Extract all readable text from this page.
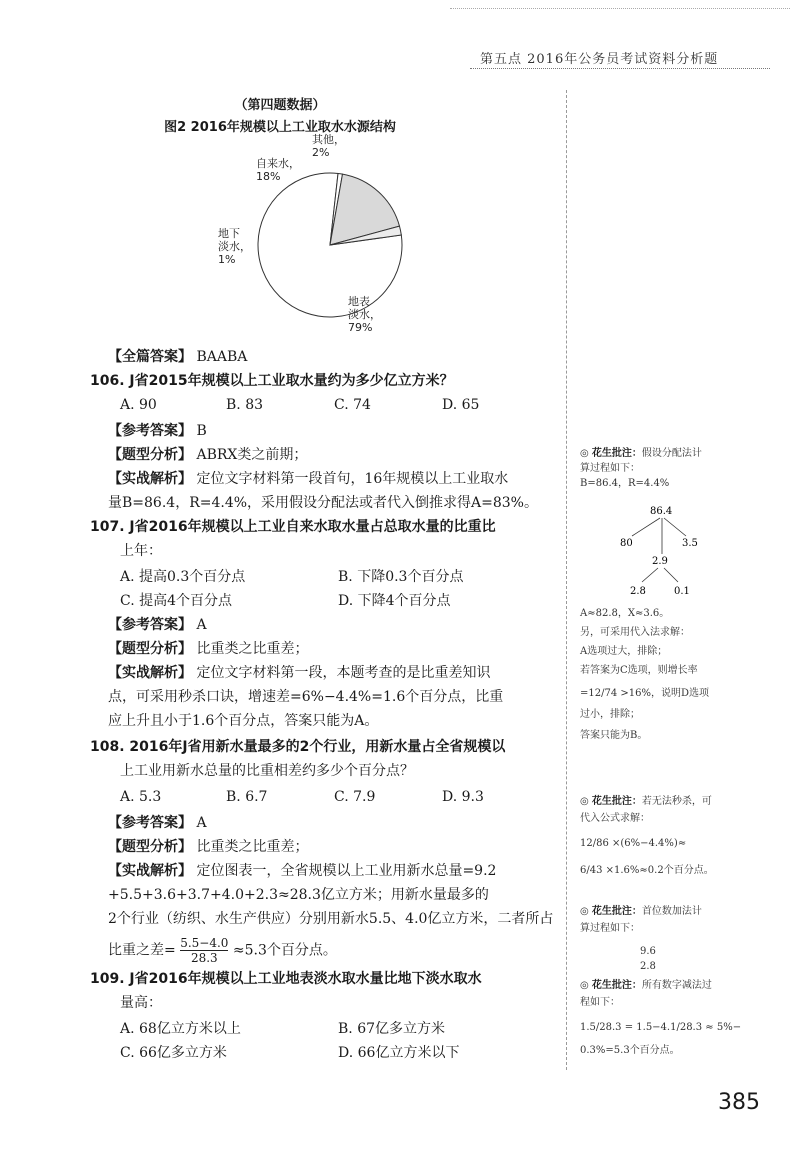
第五点 2016年公务员考试资料分析题
（第四题数据）
图2 2016年规模以上工业取水水源结构
地表
淡水，
79%
地下
淡水，
1%
自来水，
18%
其他，
2%
【全篇答案】 BAABA
106. J省2015年规模以上工业取水量约为多少亿立方米？
A. 90	B. 83	C. 74	D. 65
【参考答案】 B
【题型分析】 ABRX类之前期；
【实战解析】 定位文字材料第一段首句，16年规模以上工业取水
量B=86.4，R=4.4%，采用假设分配法或者代入倒推求得A=83%。
107. J省2016年规模以上工业自来水取水量占总取水量的比重比
上年：
A. 提高0.3个百分点	B. 下降0.3个百分点
C. 提高4个百分点	D. 下降4个百分点
【参考答案】 A
【题型分析】 比重类之比重差；
【实战解析】 定位文字材料第一段，本题考查的是比重差知识
点，可采用秒杀口诀，增速差=6%−4.4%=1.6个百分点，比重
应上升且小于1.6个百分点，答案只能为A。
108. 2016年J省用新水量最多的2个行业，用新水量占全省规模以
上工业用新水总量的比重相差约多少个百分点？
A. 5.3	B. 6.7	C. 7.9	D. 9.3
【参考答案】 A
【题型分析】 比重类之比重差；
【实战解析】 定位图表一，全省规模以上工业用新水总量=9.2
+5.5+3.6+3.7+4.0+2.3≈28.3亿立方米；用新水量最多的
2个行业（纺织、水生产供应）分别用新水5.5、4.0亿立方米，二者所占
比重之差= $\frac{5.5-4.0}{28.3} \approx 5.3$个百分点。
109. J省2016年规模以上工业地表淡水取水量比地下淡水取水
量高：
A. 68亿立方米以上	B. 67亿多立方米
C. 66亿多立方米	D. 66亿立方米以下
◎ 花生批注：假设分配法计
算过程如下：
B=86.4，R=4.4%
86.4
80	3.5
2.9
2.8	0.1
A≈82.8，X≈3.6。
另，可采用代入法求解：
A选项过大，排除；
若答案为C选项，则增长率
=12/74 >16%，说明D选项
过小，排除；
答案只能为B。
◎ 花生批注：若无法秒杀，可
代入公式求解：
12/86 ×(6%−4.4%)≈
6/43 ×1.6%≈0.2个百分点。
◎ 花生批注：首位数加法计
算过程如下：
9.6
2.8
◎ 花生批注：所有数字减法过
程如下：
1.5/28.3 = 1.5−4.1/28.3 ≈ 5%−
0.3%=5.3个百分点。
385
